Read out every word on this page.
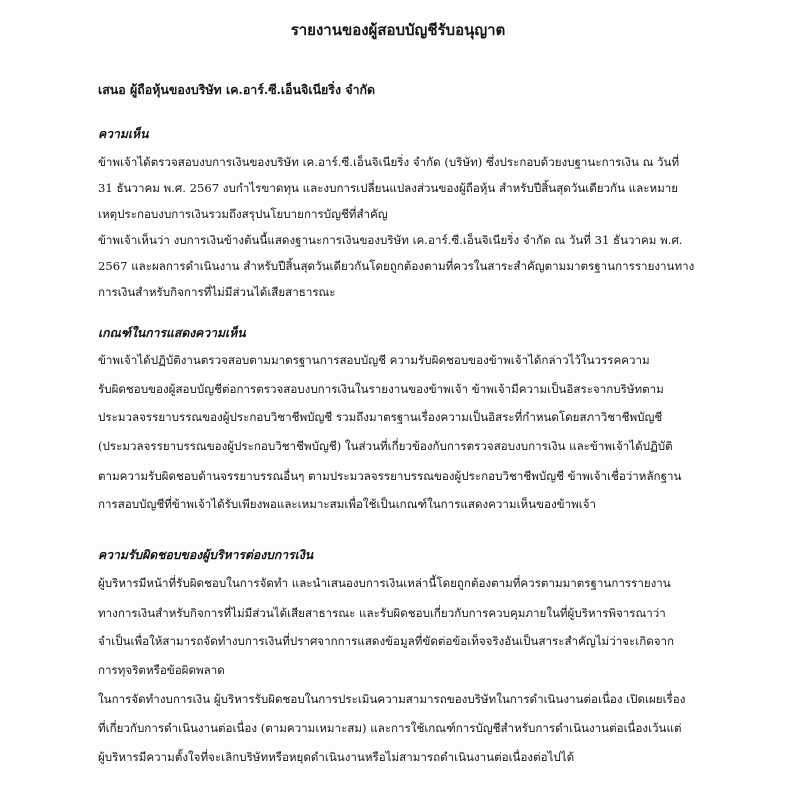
รายงานของผู้สอบบัญชีรับอนุญาต
เสนอ ผู้ถือหุ้นของบริษัท เค.อาร์.ซี.เอ็นจิเนียริ่ง จำกัด
ความเห็น
ข้าพเจ้าได้ตรวจสอบงบการเงินของบริษัท เค.อาร์.ซี.เอ็นจิเนียริ่ง จำกัด (บริษัท) ซึ่งประกอบด้วยงบฐานะการเงิน ณ วันที่
31 ธันวาคม พ.ศ. 2567 งบกำไรขาดทุน และงบการเปลี่ยนแปลงส่วนของผู้ถือหุ้น สำหรับปีสิ้นสุดวันเดียวกัน และหมาย
เหตุประกอบงบการเงินรวมถึงสรุปนโยบายการบัญชีที่สำคัญ
ข้าพเจ้าเห็นว่า งบการเงินข้างต้นนี้แสดงฐานะการเงินของบริษัท เค.อาร์.ซี.เอ็นจิเนียริ่ง จำกัด ณ วันที่ 31 ธันวาคม พ.ศ.
2567 และผลการดำเนินงาน สำหรับปีสิ้นสุดวันเดียวกันโดยถูกต้องตามที่ควรในสาระสำคัญตามมาตรฐานการรายงานทาง
การเงินสำหรับกิจการที่ไม่มีส่วนได้เสียสาธารณะ
เกณฑ์ในการแสดงความเห็น
ข้าพเจ้าได้ปฏิบัติงานตรวจสอบตามมาตรฐานการสอบบัญชี ความรับผิดชอบของข้าพเจ้าได้กล่าวไว้ในวรรคความ
รับผิดชอบของผู้สอบบัญชีต่อการตรวจสอบงบการเงินในรายงานของข้าพเจ้า ข้าพเจ้ามีความเป็นอิสระจากบริษัทตาม
ประมวลจรรยาบรรณของผู้ประกอบวิชาชีพบัญชี รวมถึงมาตรฐานเรื่องความเป็นอิสระที่กำหนดโดยสภาวิชาชีพบัญชี
(ประมวลจรรยาบรรณของผู้ประกอบวิชาชีพบัญชี) ในส่วนที่เกี่ยวข้องกับการตรวจสอบงบการเงิน และข้าพเจ้าได้ปฏิบัติ
ตามความรับผิดชอบด้านจรรยาบรรณอื่นๆ ตามประมวลจรรยาบรรณของผู้ประกอบวิชาชีพบัญชี ข้าพเจ้าเชื่อว่าหลักฐาน
การสอบบัญชีที่ข้าพเจ้าได้รับเพียงพอและเหมาะสมเพื่อใช้เป็นเกณฑ์ในการแสดงความเห็นของข้าพเจ้า
ความรับผิดชอบของผู้บริหารต่องบการเงิน
ผู้บริหารมีหน้าที่รับผิดชอบในการจัดทำ และนำเสนองบการเงินเหล่านี้โดยถูกต้องตามที่ควรตามมาตรฐานการรายงาน
ทางการเงินสำหรับกิจการที่ไม่มีส่วนได้เสียสาธารณะ และรับผิดชอบเกี่ยวกับการควบคุมภายในที่ผู้บริหารพิจารณาว่า
จำเป็นเพื่อให้สามารถจัดทำงบการเงินที่ปราศจากการแสดงข้อมูลที่ขัดต่อข้อเท็จจริงอันเป็นสาระสำคัญไม่ว่าจะเกิดจาก
การทุจริตหรือข้อผิดพลาด
ในการจัดทำงบการเงิน ผู้บริหารรับผิดชอบในการประเมินความสามารถของบริษัทในการดำเนินงานต่อเนื่อง เปิดเผยเรื่อง
ที่เกี่ยวกับการดำเนินงานต่อเนื่อง (ตามความเหมาะสม) และการใช้เกณฑ์การบัญชีสำหรับการดำเนินงานต่อเนื่องเว้นแต่
ผู้บริหารมีความตั้งใจที่จะเลิกบริษัทหรือหยุดดำเนินงานหรือไม่สามารถดำเนินงานต่อเนื่องต่อไปได้
